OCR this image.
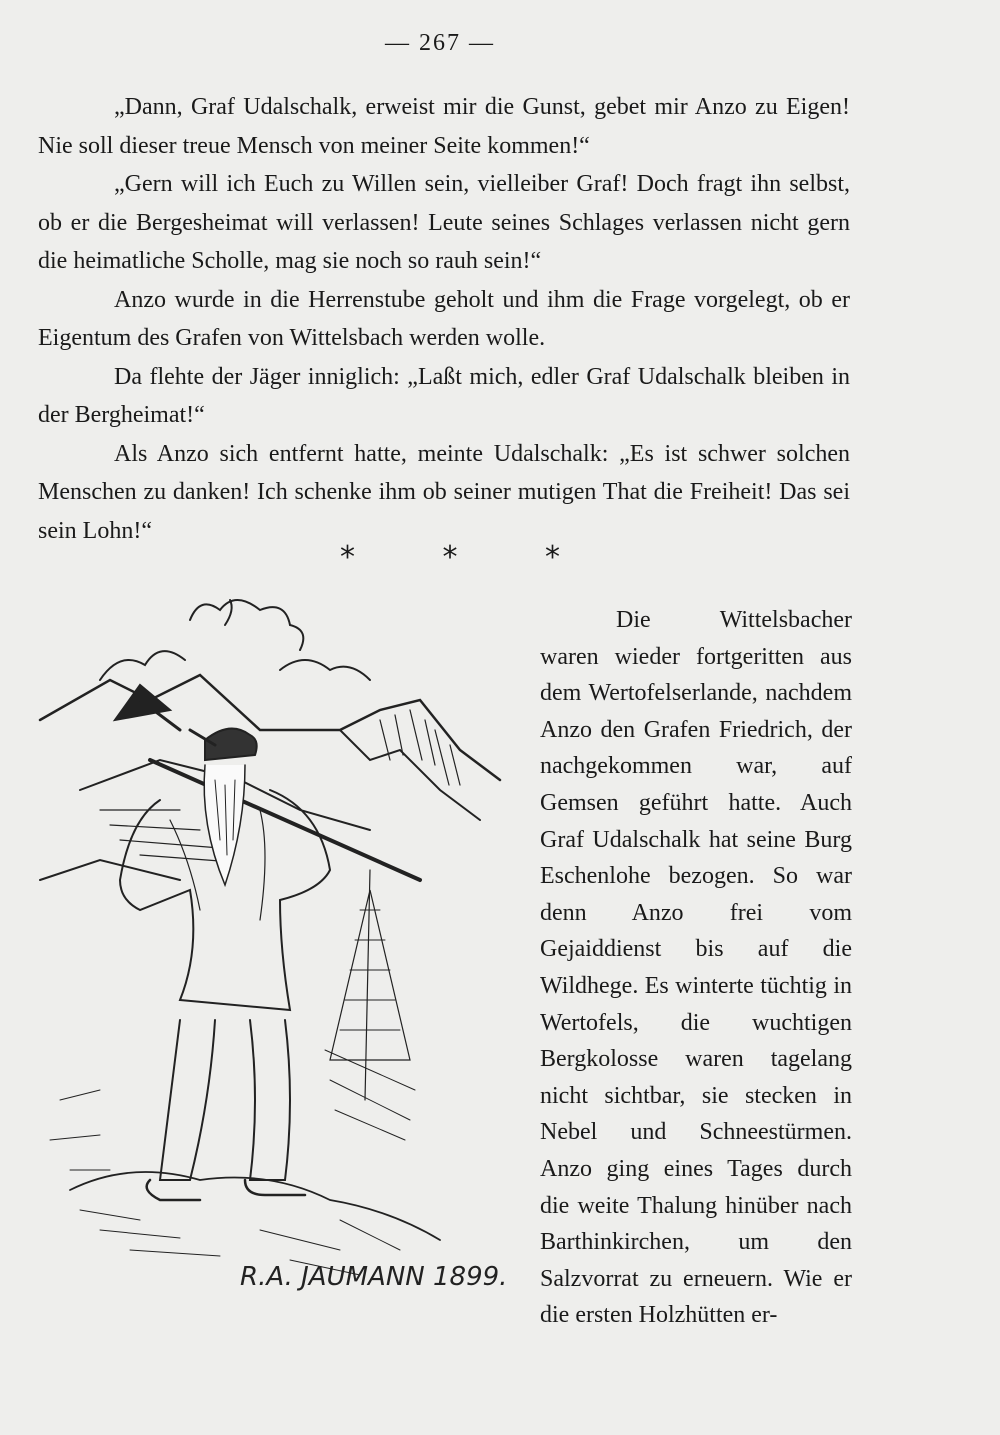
— 267 —

„Dann, Graf Udalschalk, erweist mir die Gunst, gebet mir Anzo zu Eigen! Nie soll dieser treue Mensch von meiner Seite kommen!“

„Gern will ich Euch zu Willen sein, vielleiber Graf! Doch fragt ihn selbst, ob er die Bergesheimat will verlassen! Leute seines Schlages verlassen nicht gern die heimatliche Scholle, mag sie noch so rauh sein!“

Anzo wurde in die Herrenstube geholt und ihm die Frage vorgelegt, ob er Eigentum des Grafen von Wittelsbach werden wolle.

Da flehte der Jäger inniglich: „Laßt mich, edler Graf Udalschalk bleiben in der Bergheimat!“

Als Anzo sich entfernt hatte, meinte Udalschalk: „Es ist schwer solchen Menschen zu danken! Ich schenke ihm ob seiner mutigen That die Freiheit! Das sei sein Lohn!“

*	*	*
R.A. JAUMANN 1899.

Die Wittelsbacher waren wieder fortgeritten aus dem Wertofelserlande, nachdem Anzo den Grafen Friedrich, der nachgekommen war, auf Gemsen geführt hatte. Auch Graf Udalschalk hat seine Burg Eschenlohe bezogen. So war denn Anzo frei vom Gejaiddienst bis auf die Wildhege. Es winterte tüchtig in Wertofels, die wuchtigen Bergkolosse waren tagelang nicht sichtbar, sie stecken in Nebel und Schneestürmen. Anzo ging eines Tages durch die weite Thalung hinüber nach Barthinkirchen, um den Salzvorrat zu erneuern. Wie er die ersten Holzhütten er-
